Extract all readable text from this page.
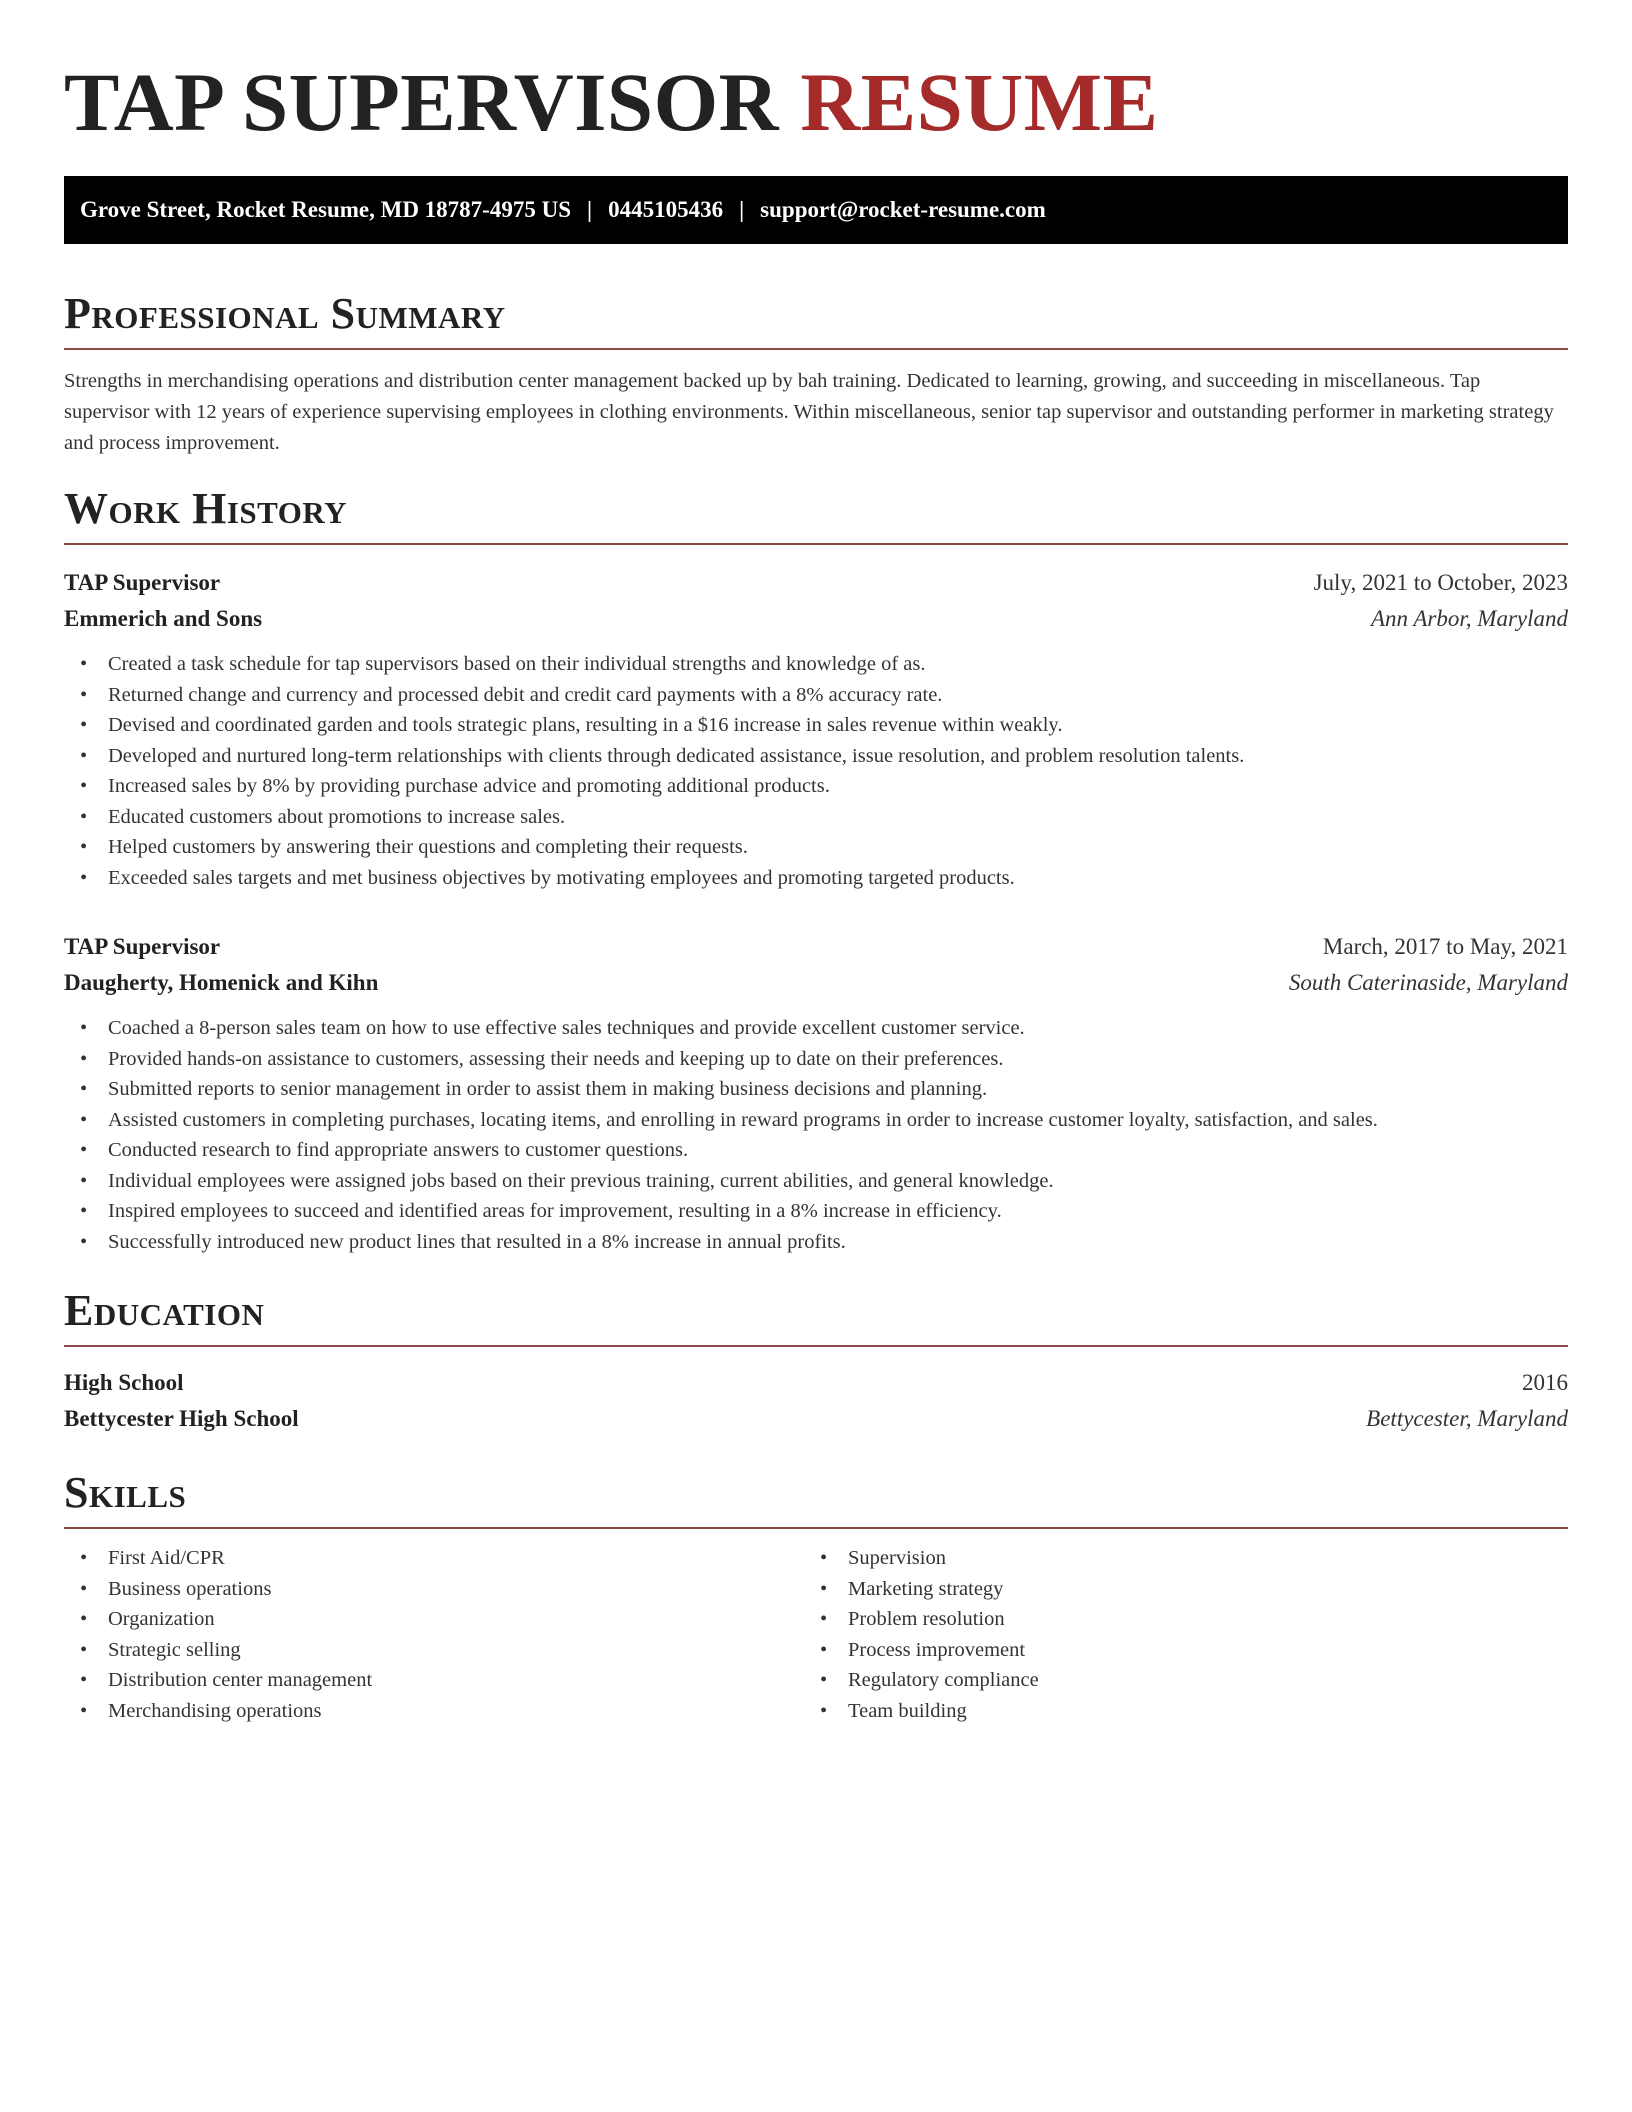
TAP SUPERVISOR RESUME
Grove Street, Rocket Resume, MD 18787-4975 US | 0445105436 | support@rocket-resume.com
Professional Summary

Strengths in merchandising operations and distribution center management backed up by bah training. Dedicated to learning, growing, and succeeding in miscellaneous. Tap supervisor with 12 years of experience supervising employees in clothing environments. Within miscellaneous, senior tap supervisor and outstanding performer in marketing strategy and process improvement.

Work History
TAP Supervisor	July, 2021 to October, 2023
Emmerich and Sons	Ann Arbor, Maryland
• Created a task schedule for tap supervisors based on their individual strengths and knowledge of as.
• Returned change and currency and processed debit and credit card payments with a 8% accuracy rate.
• Devised and coordinated garden and tools strategic plans, resulting in a $16 increase in sales revenue within weakly.
• Developed and nurtured long-term relationships with clients through dedicated assistance, issue resolution, and problem resolution talents.
• Increased sales by 8% by providing purchase advice and promoting additional products.
• Educated customers about promotions to increase sales.
• Helped customers by answering their questions and completing their requests.
• Exceeded sales targets and met business objectives by motivating employees and promoting targeted products.
TAP Supervisor	March, 2017 to May, 2021
Daugherty, Homenick and Kihn	South Caterinaside, Maryland
• Coached a 8-person sales team on how to use effective sales techniques and provide excellent customer service.
• Provided hands-on assistance to customers, assessing their needs and keeping up to date on their preferences.
• Submitted reports to senior management in order to assist them in making business decisions and planning.
• Assisted customers in completing purchases, locating items, and enrolling in reward programs in order to increase customer loyalty, satisfaction, and sales.
• Conducted research to find appropriate answers to customer questions.
• Individual employees were assigned jobs based on their previous training, current abilities, and general knowledge.
• Inspired employees to succeed and identified areas for improvement, resulting in a 8% increase in efficiency.
• Successfully introduced new product lines that resulted in a 8% increase in annual profits.
Education
High School	2016
Bettycester High School	Bettycester, Maryland
Skills
• First Aid/CPR
• Business operations
• Organization
• Strategic selling
• Distribution center management
• Merchandising operations
• Supervision
• Marketing strategy
• Problem resolution
• Process improvement
• Regulatory compliance
• Team building
